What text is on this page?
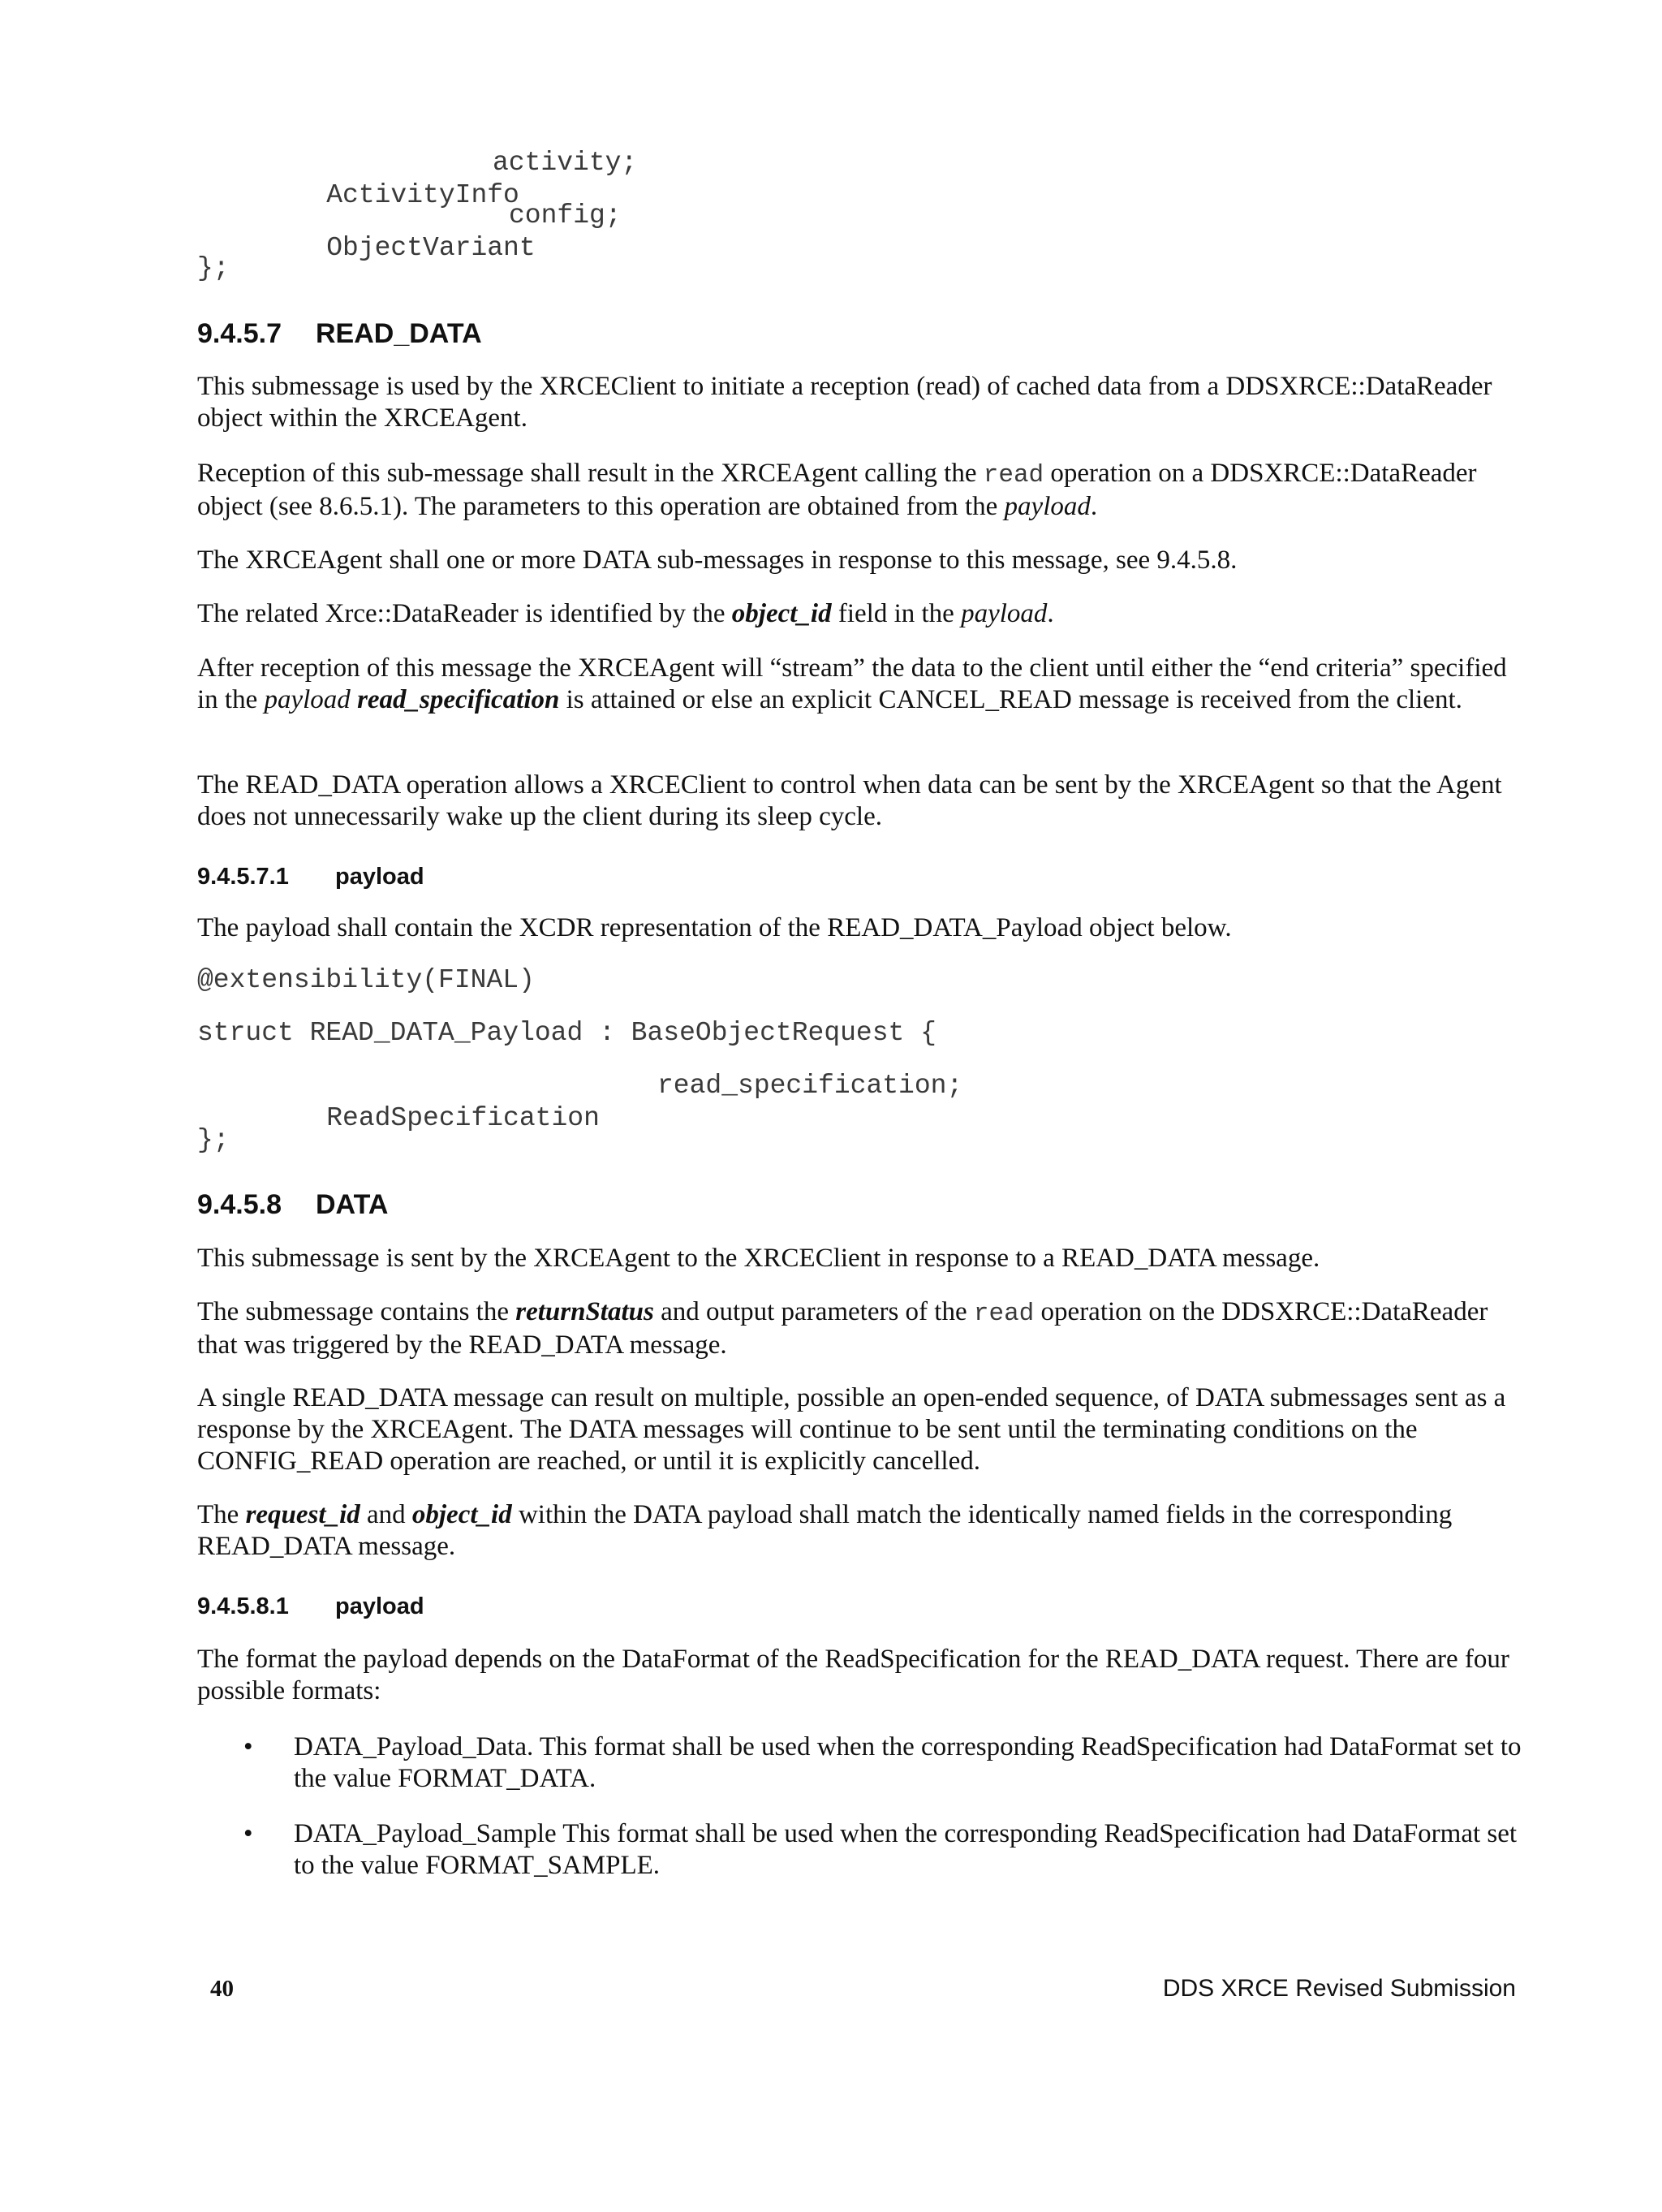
ActivityInfo
activity;

ObjectVariant
config;

};
9.4.5.7 READ_DATA
This submessage is used by the XRCEClient to initiate a reception (read) of cached data from a DDSXRCE::DataReader object within the XRCEAgent.
Reception of this sub-message shall result in the XRCEAgent calling the read operation on a DDSXRCE::DataReader object (see 8.6.5.1). The parameters to this operation are obtained from the payload.
The XRCEAgent shall one or more DATA sub-messages in response to this message, see 9.4.5.8.
The related Xrce::DataReader is identified by the object_id field in the payload.
After reception of this message the XRCEAgent will “stream” the data to the client until either the “end criteria” specified in the payload read_specification is attained or else an explicit CANCEL_READ message is received from the client.
The READ_DATA operation allows a XRCEClient to control when data can be sent by the XRCEAgent so that the Agent does not unnecessarily wake up the client during its sleep cycle.
9.4.5.7.1 payload
The payload shall contain the XCDR representation of the READ_DATA_Payload object below.
@extensibility(FINAL)
struct READ_DATA_Payload : BaseObjectRequest {

ReadSpecification
read_specification;

};
9.4.5.8 DATA
This submessage is sent by the XRCEAgent to the XRCEClient in response to a READ_DATA message.
The submessage contains the returnStatus and output parameters of the read operation on the DDSXRCE::DataReader that was triggered by the READ_DATA message.
A single READ_DATA message can result on multiple, possible an open-ended sequence, of DATA submessages sent as a response by the XRCEAgent. The DATA messages will continue to be sent until the terminating conditions on the CONFIG_READ operation are reached, or until it is explicitly cancelled.
The request_id and object_id within the DATA payload shall match the identically named fields in the corresponding READ_DATA message.
9.4.5.8.1 payload
The format the payload depends on the DataFormat of the ReadSpecification for the READ_DATA request. There are four possible formats:
• DATA_Payload_Data. This format shall be used when the corresponding ReadSpecification had DataFormat set to the value FORMAT_DATA.
• DATA_Payload_Sample This format shall be used when the corresponding ReadSpecification had DataFormat set to the value FORMAT_SAMPLE.
40	DDS XRCE Revised Submission
